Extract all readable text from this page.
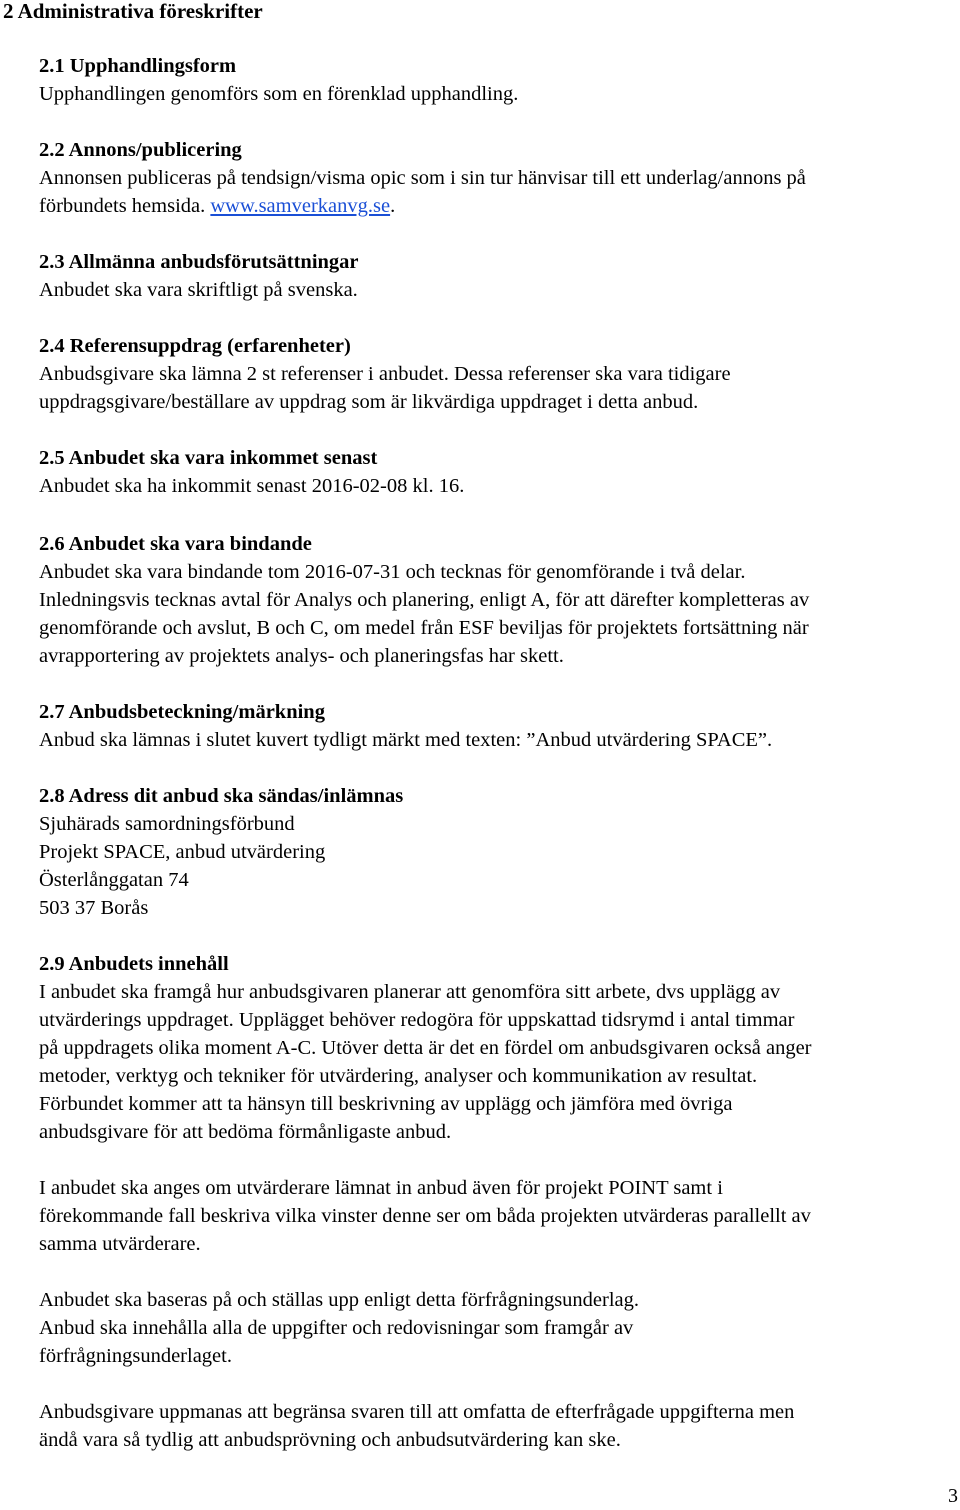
2 Administrativa föreskrifter
2.1 Upphandlingsform

Upphandlingen genomförs som en förenklad upphandling.

2.2 Annons/publicering

Annonsen publiceras på tendsign/visma opic som i sin tur hänvisar till ett underlag/annons på

förbundets hemsida. www.samverkanvg.se.

2.3 Allmänna anbudsförutsättningar

Anbudet ska vara skriftligt på svenska.

2.4 Referensuppdrag (erfarenheter)

Anbudsgivare ska lämna 2 st referenser i anbudet. Dessa referenser ska vara tidigare

uppdragsgivare/beställare av uppdrag som är likvärdiga uppdraget i detta anbud.

2.5 Anbudet ska vara inkommet senast

Anbudet ska ha inkommit senast 2016-02-08 kl. 16.

2.6 Anbudet ska vara bindande

Anbudet ska vara bindande tom 2016-07-31 och tecknas för genomförande i två delar.

Inledningsvis tecknas avtal för Analys och planering, enligt A, för att därefter kompletteras av

genomförande och avslut, B och C, om medel från ESF beviljas för projektets fortsättning när

avrapportering av projektets analys- och planeringsfas har skett.

2.7 Anbudsbeteckning/märkning

Anbud ska lämnas i slutet kuvert tydligt märkt med texten: ”Anbud utvärdering SPACE”.

2.8 Adress dit anbud ska sändas/inlämnas

Sjuhärads samordningsförbund

Projekt SPACE, anbud utvärdering

Österlånggatan 74

503 37 Borås

2.9 Anbudets innehåll

I anbudet ska framgå hur anbudsgivaren planerar att genomföra sitt arbete, dvs upplägg av

utvärderings uppdraget. Upplägget behöver redogöra för uppskattad tidsrymd i antal timmar

på uppdragets olika moment A-C. Utöver detta är det en fördel om anbudsgivaren också anger

metoder, verktyg och tekniker för utvärdering, analyser och kommunikation av resultat.

Förbundet kommer att ta hänsyn till beskrivning av upplägg och jämföra med övriga

anbudsgivare för att bedöma förmånligaste anbud.

I anbudet ska anges om utvärderare lämnat in anbud även för projekt POINT samt i

förekommande fall beskriva vilka vinster denne ser om båda projekten utvärderas parallellt av

samma utvärderare.

Anbudet ska baseras på och ställas upp enligt detta förfrågningsunderlag.

Anbud ska innehålla alla de uppgifter och redovisningar som framgår av

förfrågningsunderlaget.

Anbudsgivare uppmanas att begränsa svaren till att omfatta de efterfrågade uppgifterna men

ändå vara så tydlig att anbudsprövning och anbudsutvärdering kan ske.

3
